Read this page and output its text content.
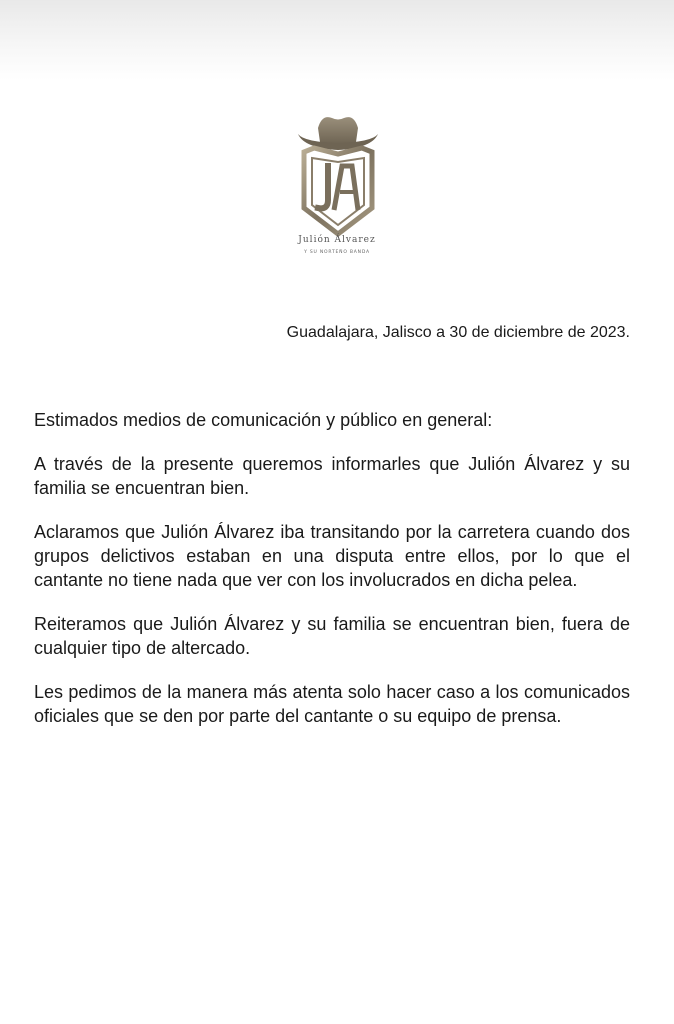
Julión Álvarez
Y SU NORTEÑO BANDA
Guadalajara, Jalisco a 30 de diciembre de 2023.

Estimados medios de comunicación y público en general:

A través de la presente queremos informarles que Julión Álvarez y su familia se encuentran bien.

Aclaramos que Julión Álvarez iba transitando por la carretera cuando dos grupos delictivos estaban en una disputa entre ellos, por lo que el cantante no tiene nada que ver con los involucrados en dicha pelea.

Reiteramos que Julión Álvarez y su familia se encuentran bien, fuera de cualquier tipo de altercado.

Les pedimos de la manera más atenta solo hacer caso a los comunicados oficiales que se den por parte del cantante o su equipo de prensa.
